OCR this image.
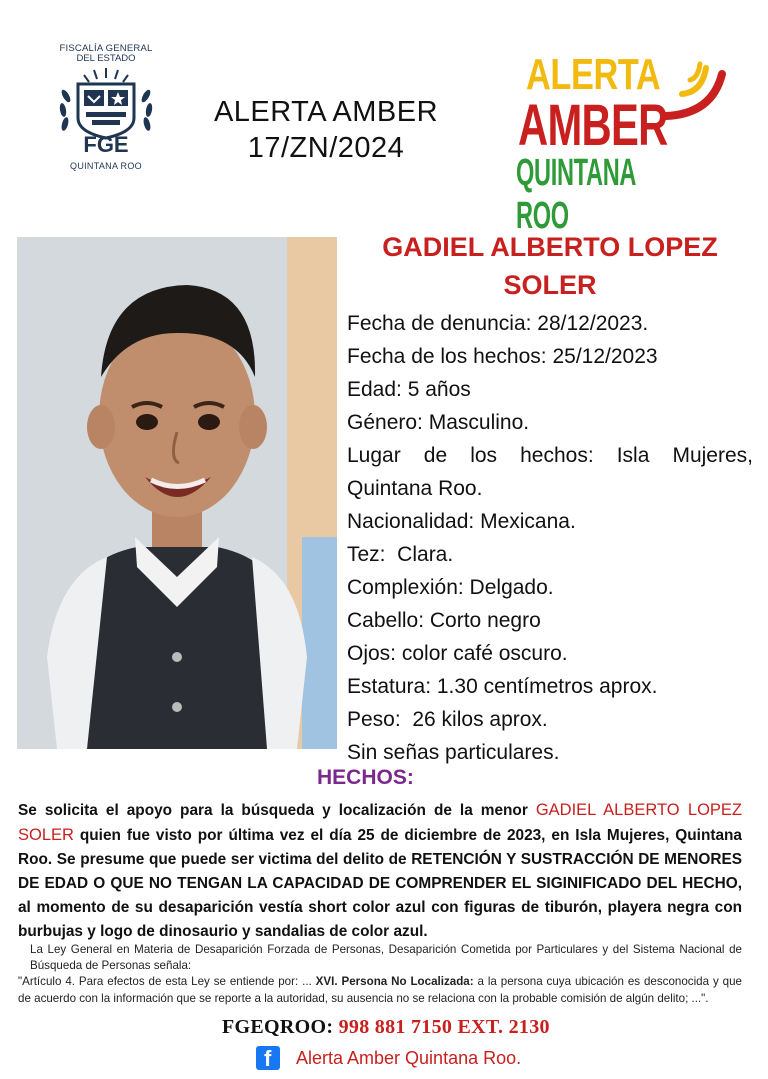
FISCALÍA GENERAL
DEL ESTADO
FGE
QUINTANA ROO
ALERTA AMBER
17/ZN/2024
ALERTA
AMBER
QUINTANA ROO
GADIEL ALBERTO LOPEZ
SOLER
Fecha de denuncia: 28/12/2023.
Fecha de los hechos: 25/12/2023
Edad: 5 años
Género: Masculino.
Lugar de los hechos: Isla Mujeres, Quintana Roo.
Nacionalidad: Mexicana.
Tez:  Clara.
Complexión: Delgado.
Cabello: Corto negro
Ojos: color café oscuro.
Estatura: 1.30 centímetros aprox.
Peso:  26 kilos aprox.
Sin señas particulares.
HECHOS:
Se solicita el apoyo para la búsqueda y localización de la menor GADIEL ALBERTO LOPEZ SOLER quien fue visto por última vez el día 25 de diciembre de 2023, en Isla Mujeres, Quintana Roo. Se presume que puede ser victima del delito de RETENCIÓN Y SUSTRACCIÓN DE MENORES DE EDAD O QUE NO TENGAN LA CAPACIDAD DE COMPRENDER EL SIGINIFICADO DEL HECHO, al momento de su desaparición vestía short color azul con figuras de tiburón, playera negra con burbujas y logo de dinosaurio y sandalias de color azul.
La Ley General en Materia de Desaparición Forzada de Personas, Desaparición Cometida por Particulares y del Sistema Nacional de Búsqueda de Personas señala:
"Artículo 4. Para efectos de esta Ley se entiende por: ... XVI. Persona No Localizada: a la persona cuya ubicación es desconocida y que de acuerdo con la información que se reporte a la autoridad, su ausencia no se relaciona con la probable comisión de algún delito; ...".
FGEQROO: 998 881 7150 EXT. 2130
f Alerta Amber Quintana Roo.
